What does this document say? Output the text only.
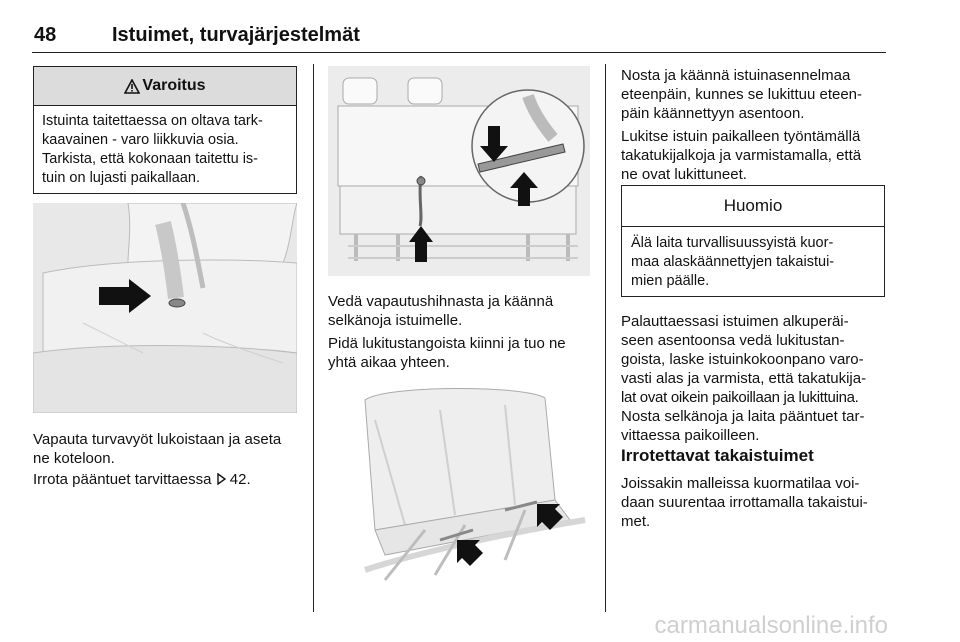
48	Istuimet, turvajärjestelmät
Varoitus
Istuinta taitettaessa on oltava tark-
kaavainen - varo liikkuvia osia.
Tarkista, että kokonaan taitettu is-
tuin on lujasti paikallaan.
Vapauta turvavyöt lukoistaan ja aseta
ne koteloon.
Irrota pääntuet tarvittaessa  42.
Vedä vapautushihnasta ja käännä
selkänoja istuimelle.
Pidä lukitustangoista kiinni ja tuo ne
yhtä aikaa yhteen.
Nosta ja käännä istuinasennelmaa
eteenpäin, kunnes se lukittuu eteen-
päin käännettyyn asentoon.
Lukitse istuin paikalleen työntämällä
takatukijalkoja ja varmistamalla, että
ne ovat lukittuneet.
Huomio
Älä laita turvallisuussyistä kuor-
maa alaskäännettyjen takaistui-
mien päälle.
Palauttaessasi istuimen alkuperäi-
seen asentoonsa vedä lukitustan-
goista, laske istuinkokoonpano varo-
vasti alas ja varmista, että takatukija-
lat ovat oikein paikoillaan ja lukittuina.
Nosta selkänoja ja laita pääntuet tar-
vittaessa paikoilleen.
Irrotettavat takaistuimet
Joissakin malleissa kuormatilaa voi-
daan suurentaa irrottamalla takaistui-
met.
carmanualsonline.info
